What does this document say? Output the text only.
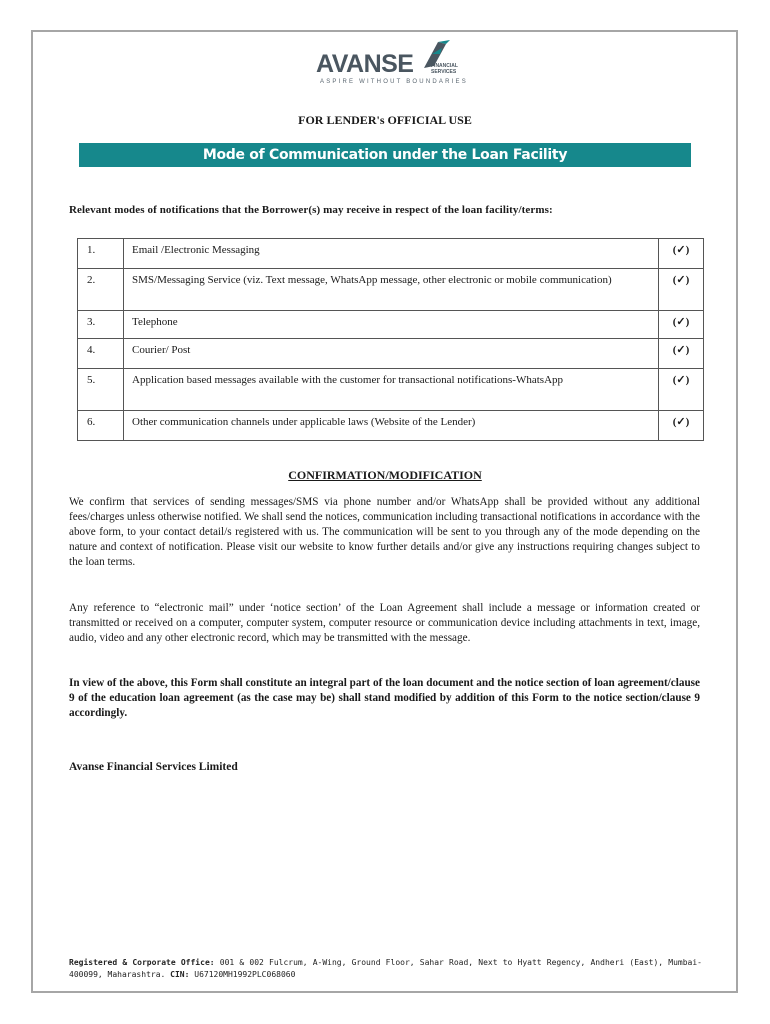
AVANSE	FINANCIAL
SERVICES
ASPIRE WITHOUT BOUNDARIES
FOR LENDER's OFFICIAL USE
Mode of Communication under the Loan Facility
Relevant modes of notifications that the Borrower(s) may receive in respect of the loan facility/terms:
1.	Email /Electronic Messaging	(✓)
2.	SMS/Messaging Service (viz. Text message, WhatsApp message, other electronic or mobile communication)	(✓)
3.	Telephone	(✓)
4.	Courier/ Post	(✓)
5.	Application based messages available with the customer for transactional notifications-WhatsApp	(✓)
6.	Other communication channels under applicable laws (Website of the Lender)	(✓)
CONFIRMATION/MODIFICATION
We confirm that services of sending messages/SMS via phone number and/or WhatsApp shall be provided without any additional fees/charges unless otherwise notified. We shall send the notices, communication including transactional notifications in accordance with the above form, to your contact detail/s registered with us. The communication will be sent to you through any of the mode depending on the nature and context of notification. Please visit our website to know further details and/or give any instructions requiring changes subject to the loan terms.
Any reference to “electronic mail” under ‘notice section’ of the Loan Agreement shall include a message or information created or transmitted or received on a computer, computer system, computer resource or communication device including attachments in text, image, audio, video and any other electronic record, which may be transmitted with the message.
In view of the above, this Form shall constitute an integral part of the loan document and the notice section of loan agreement/clause 9 of the education loan agreement (as the case may be) shall stand modified by addition of this Form to the notice section/clause 9 accordingly.
Avanse Financial Services Limited
Registered & Corporate Office: 001 & 002 Fulcrum, A-Wing, Ground Floor, Sahar Road, Next to Hyatt Regency, Andheri (East), Mumbai-400099, Maharashtra. CIN: U67120MH1992PLC068060
